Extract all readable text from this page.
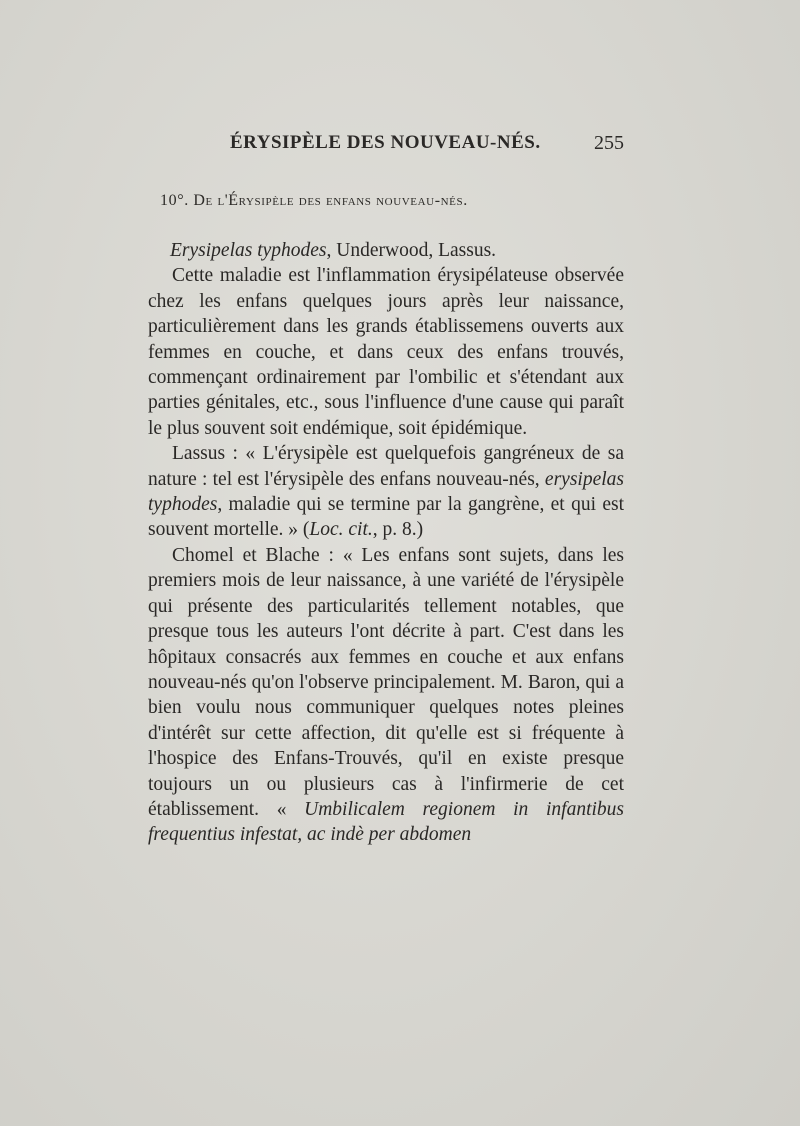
ÉRYSIPÈLE DES NOUVEAU-NÉS.	255
10°. De l'Érysipèle des enfans nouveau-nés.

Erysipelas typhodes, Underwood, Lassus.

Cette maladie est l'inflammation érysipélateuse observée chez les enfans quelques jours après leur naissance, particulièrement dans les grands établissemens ouverts aux femmes en couche, et dans ceux des enfans trouvés, commençant ordinairement par l'ombilic et s'étendant aux parties génitales, etc., sous l'influence d'une cause qui paraît le plus souvent soit endémique, soit épidémique.

Lassus : « L'érysipèle est quelquefois gangréneux de sa nature : tel est l'érysipèle des enfans nouveau-nés, erysipelas typhodes, maladie qui se termine par la gangrène, et qui est souvent mortelle. » (Loc. cit., p. 8.)

Chomel et Blache : « Les enfans sont sujets, dans les premiers mois de leur naissance, à une variété de l'érysipèle qui présente des particularités tellement notables, que presque tous les auteurs l'ont décrite à part. C'est dans les hôpitaux consacrés aux femmes en couche et aux enfans nouveau-nés qu'on l'observe principalement. M. Baron, qui a bien voulu nous communiquer quelques notes pleines d'intérêt sur cette affection, dit qu'elle est si fréquente à l'hospice des Enfans-Trouvés, qu'il en existe presque toujours un ou plusieurs cas à l'infirmerie de cet établissement. « Umbilicalem regionem in infantibus frequentius infestat, ac indè per abdomen
